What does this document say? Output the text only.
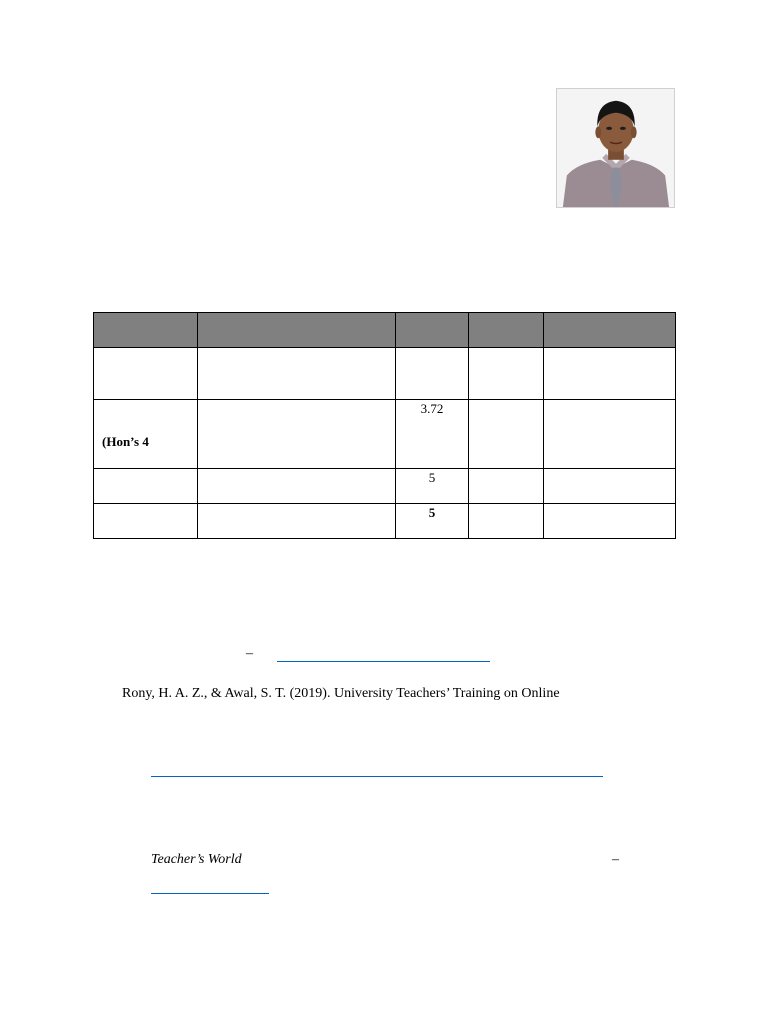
(Hon’s 4		3.72		
		5		
		5		
–
Rony, H. A. Z., & Awal, S. T. (2019). University Teachers’ Training on Online
Teacher’s World	–
